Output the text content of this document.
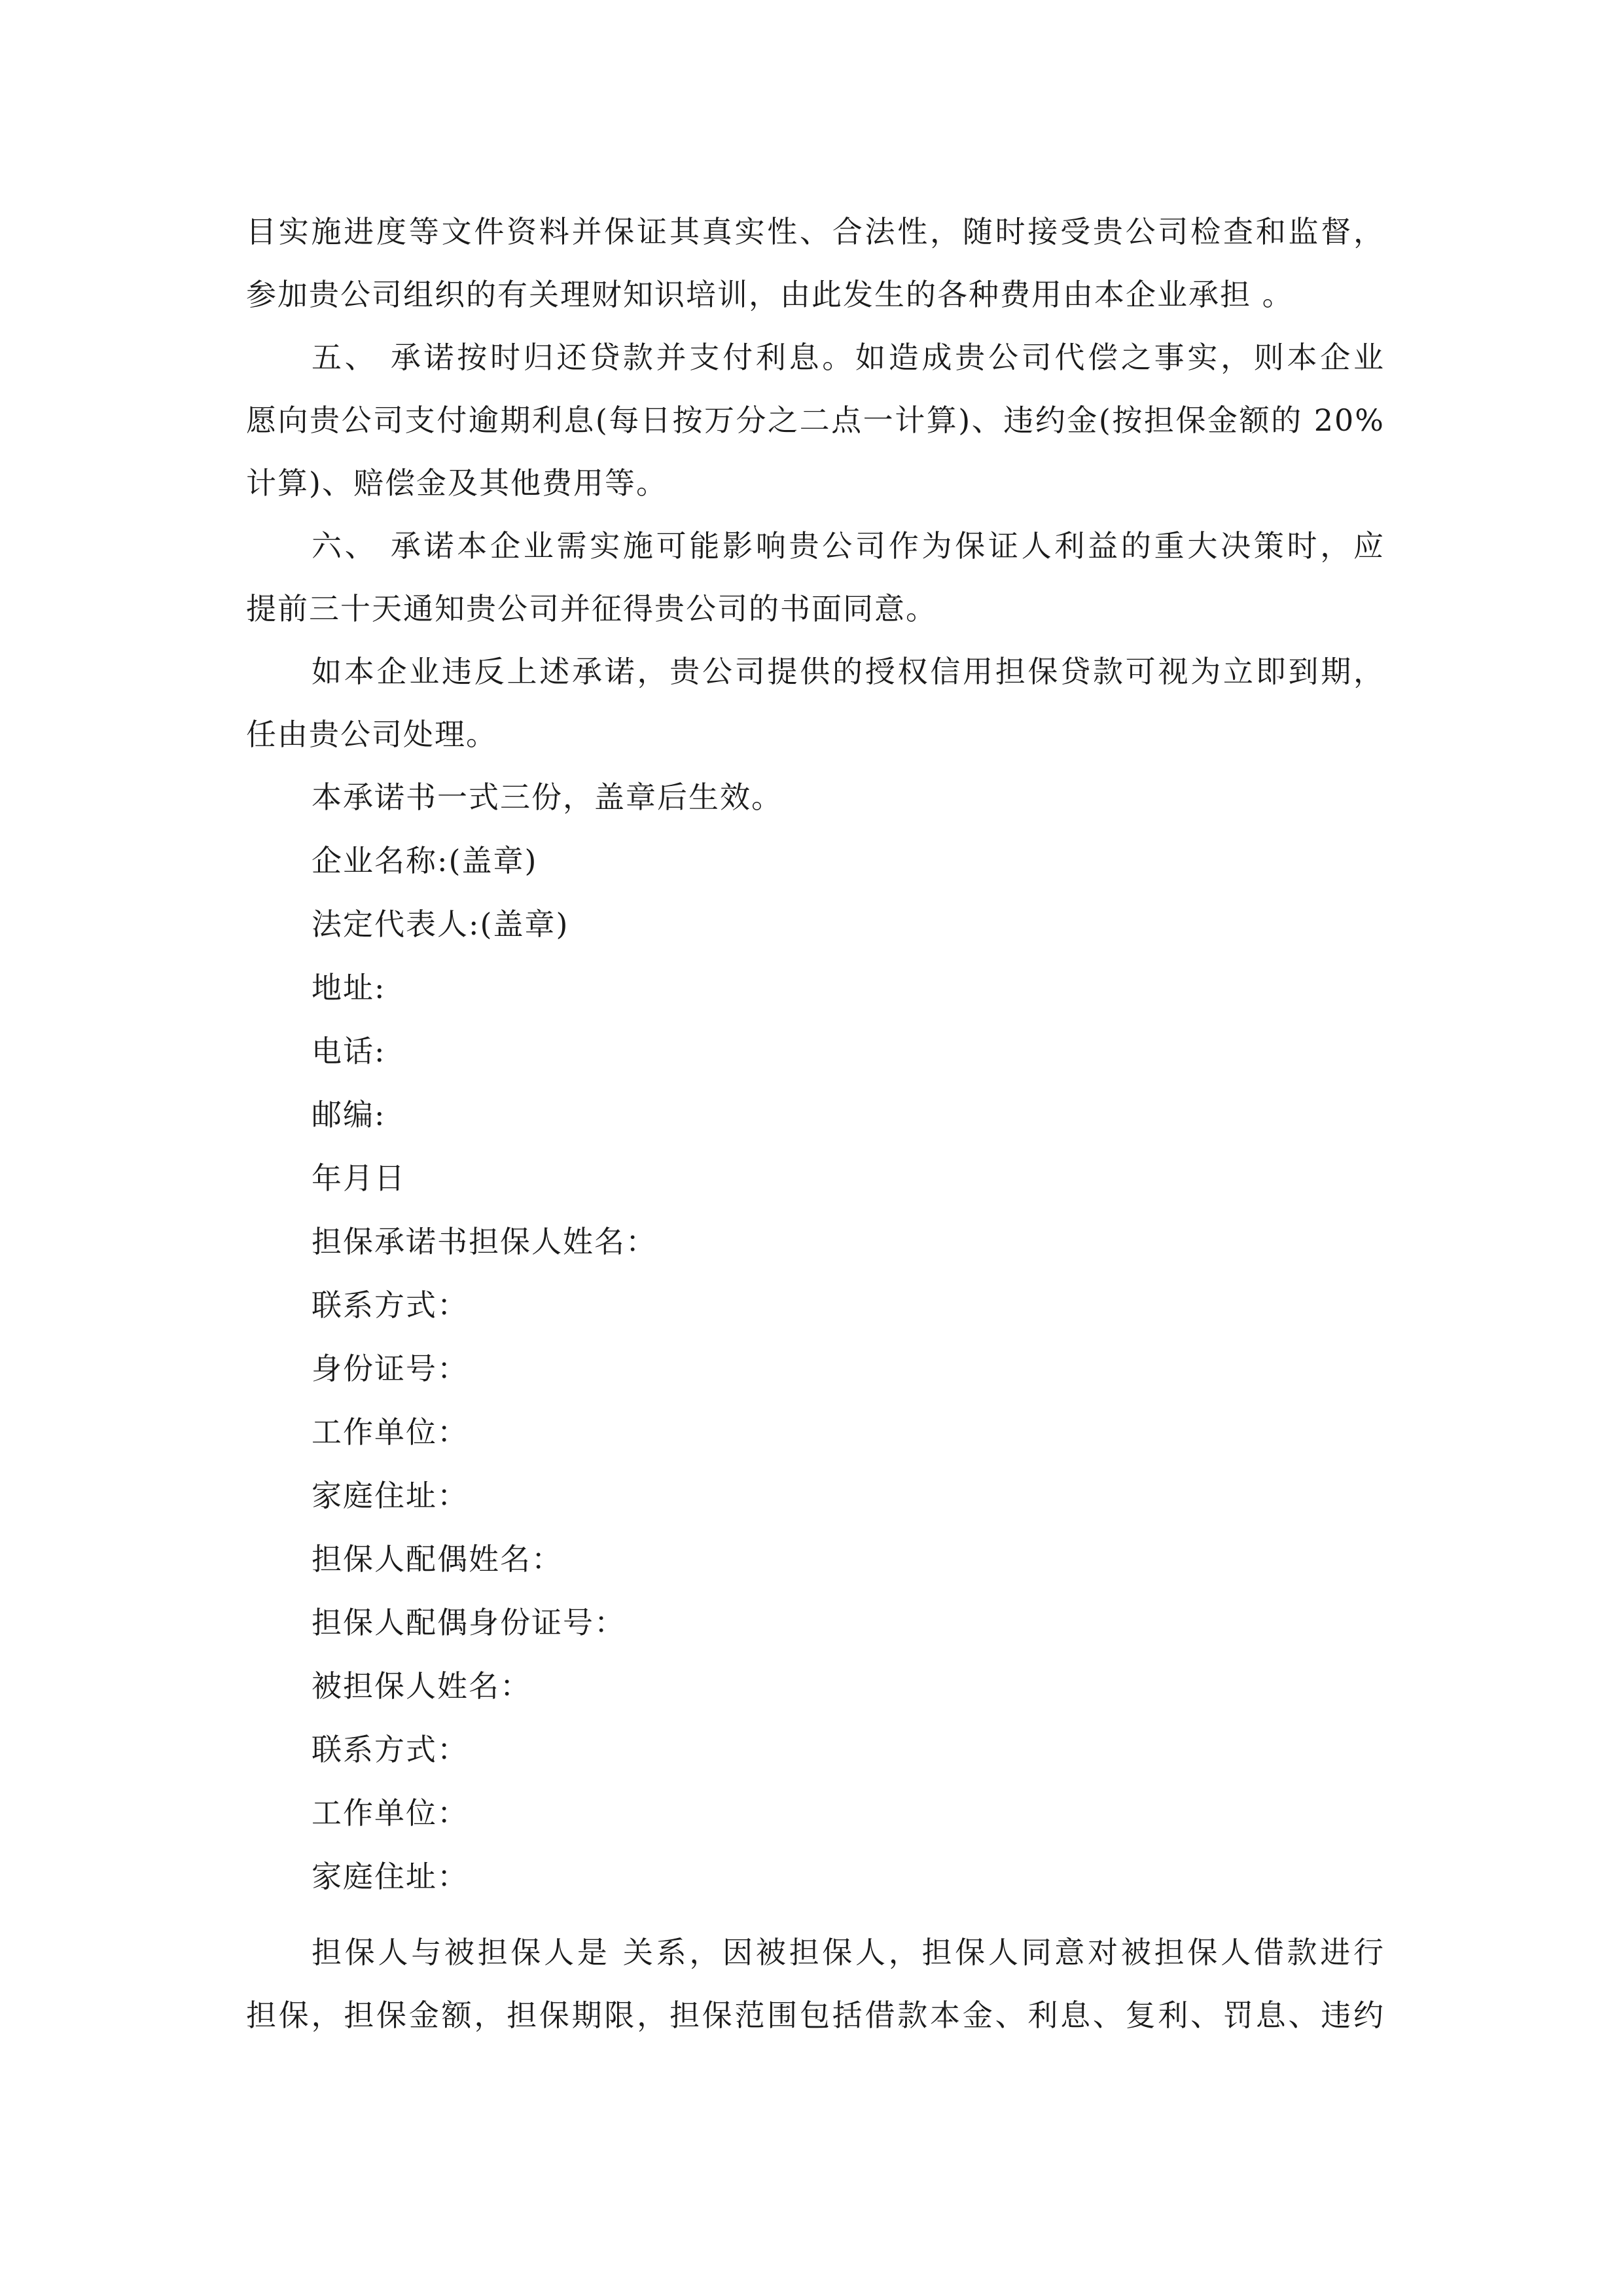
目实施进度等文件资料并保证其真实性、合法性，随时接受贵公司检查和监督，
参加贵公司组织的有关理财知识培训，由此发生的各种费用由本企业承担 。
五、 承诺按时归还贷款并支付利息。如造成贵公司代偿之事实，则本企业
愿向贵公司支付逾期利息(每日按万分之二点一计算)、违约金(按担保金额的 20%
计算)、赔偿金及其他费用等。
六、 承诺本企业需实施可能影响贵公司作为保证人利益的重大决策时，应
提前三十天通知贵公司并征得贵公司的书面同意。
如本企业违反上述承诺，贵公司提供的授权信用担保贷款可视为立即到期，
任由贵公司处理。
本承诺书一式三份，盖章后生效。
企业名称:(盖章)
法定代表人:(盖章)
地址:
电话:
邮编:
年月日
担保承诺书担保人姓名：
联系方式：
身份证号：
工作单位：
家庭住址：
担保人配偶姓名：
担保人配偶身份证号：
被担保人姓名：
联系方式：
工作单位：
家庭住址：
担保人与被担保人是 关系，因被担保人，担保人同意对被担保人借款进行
担保，担保金额，担保期限，担保范围包括借款本金、利息、复利、罚息、违约
